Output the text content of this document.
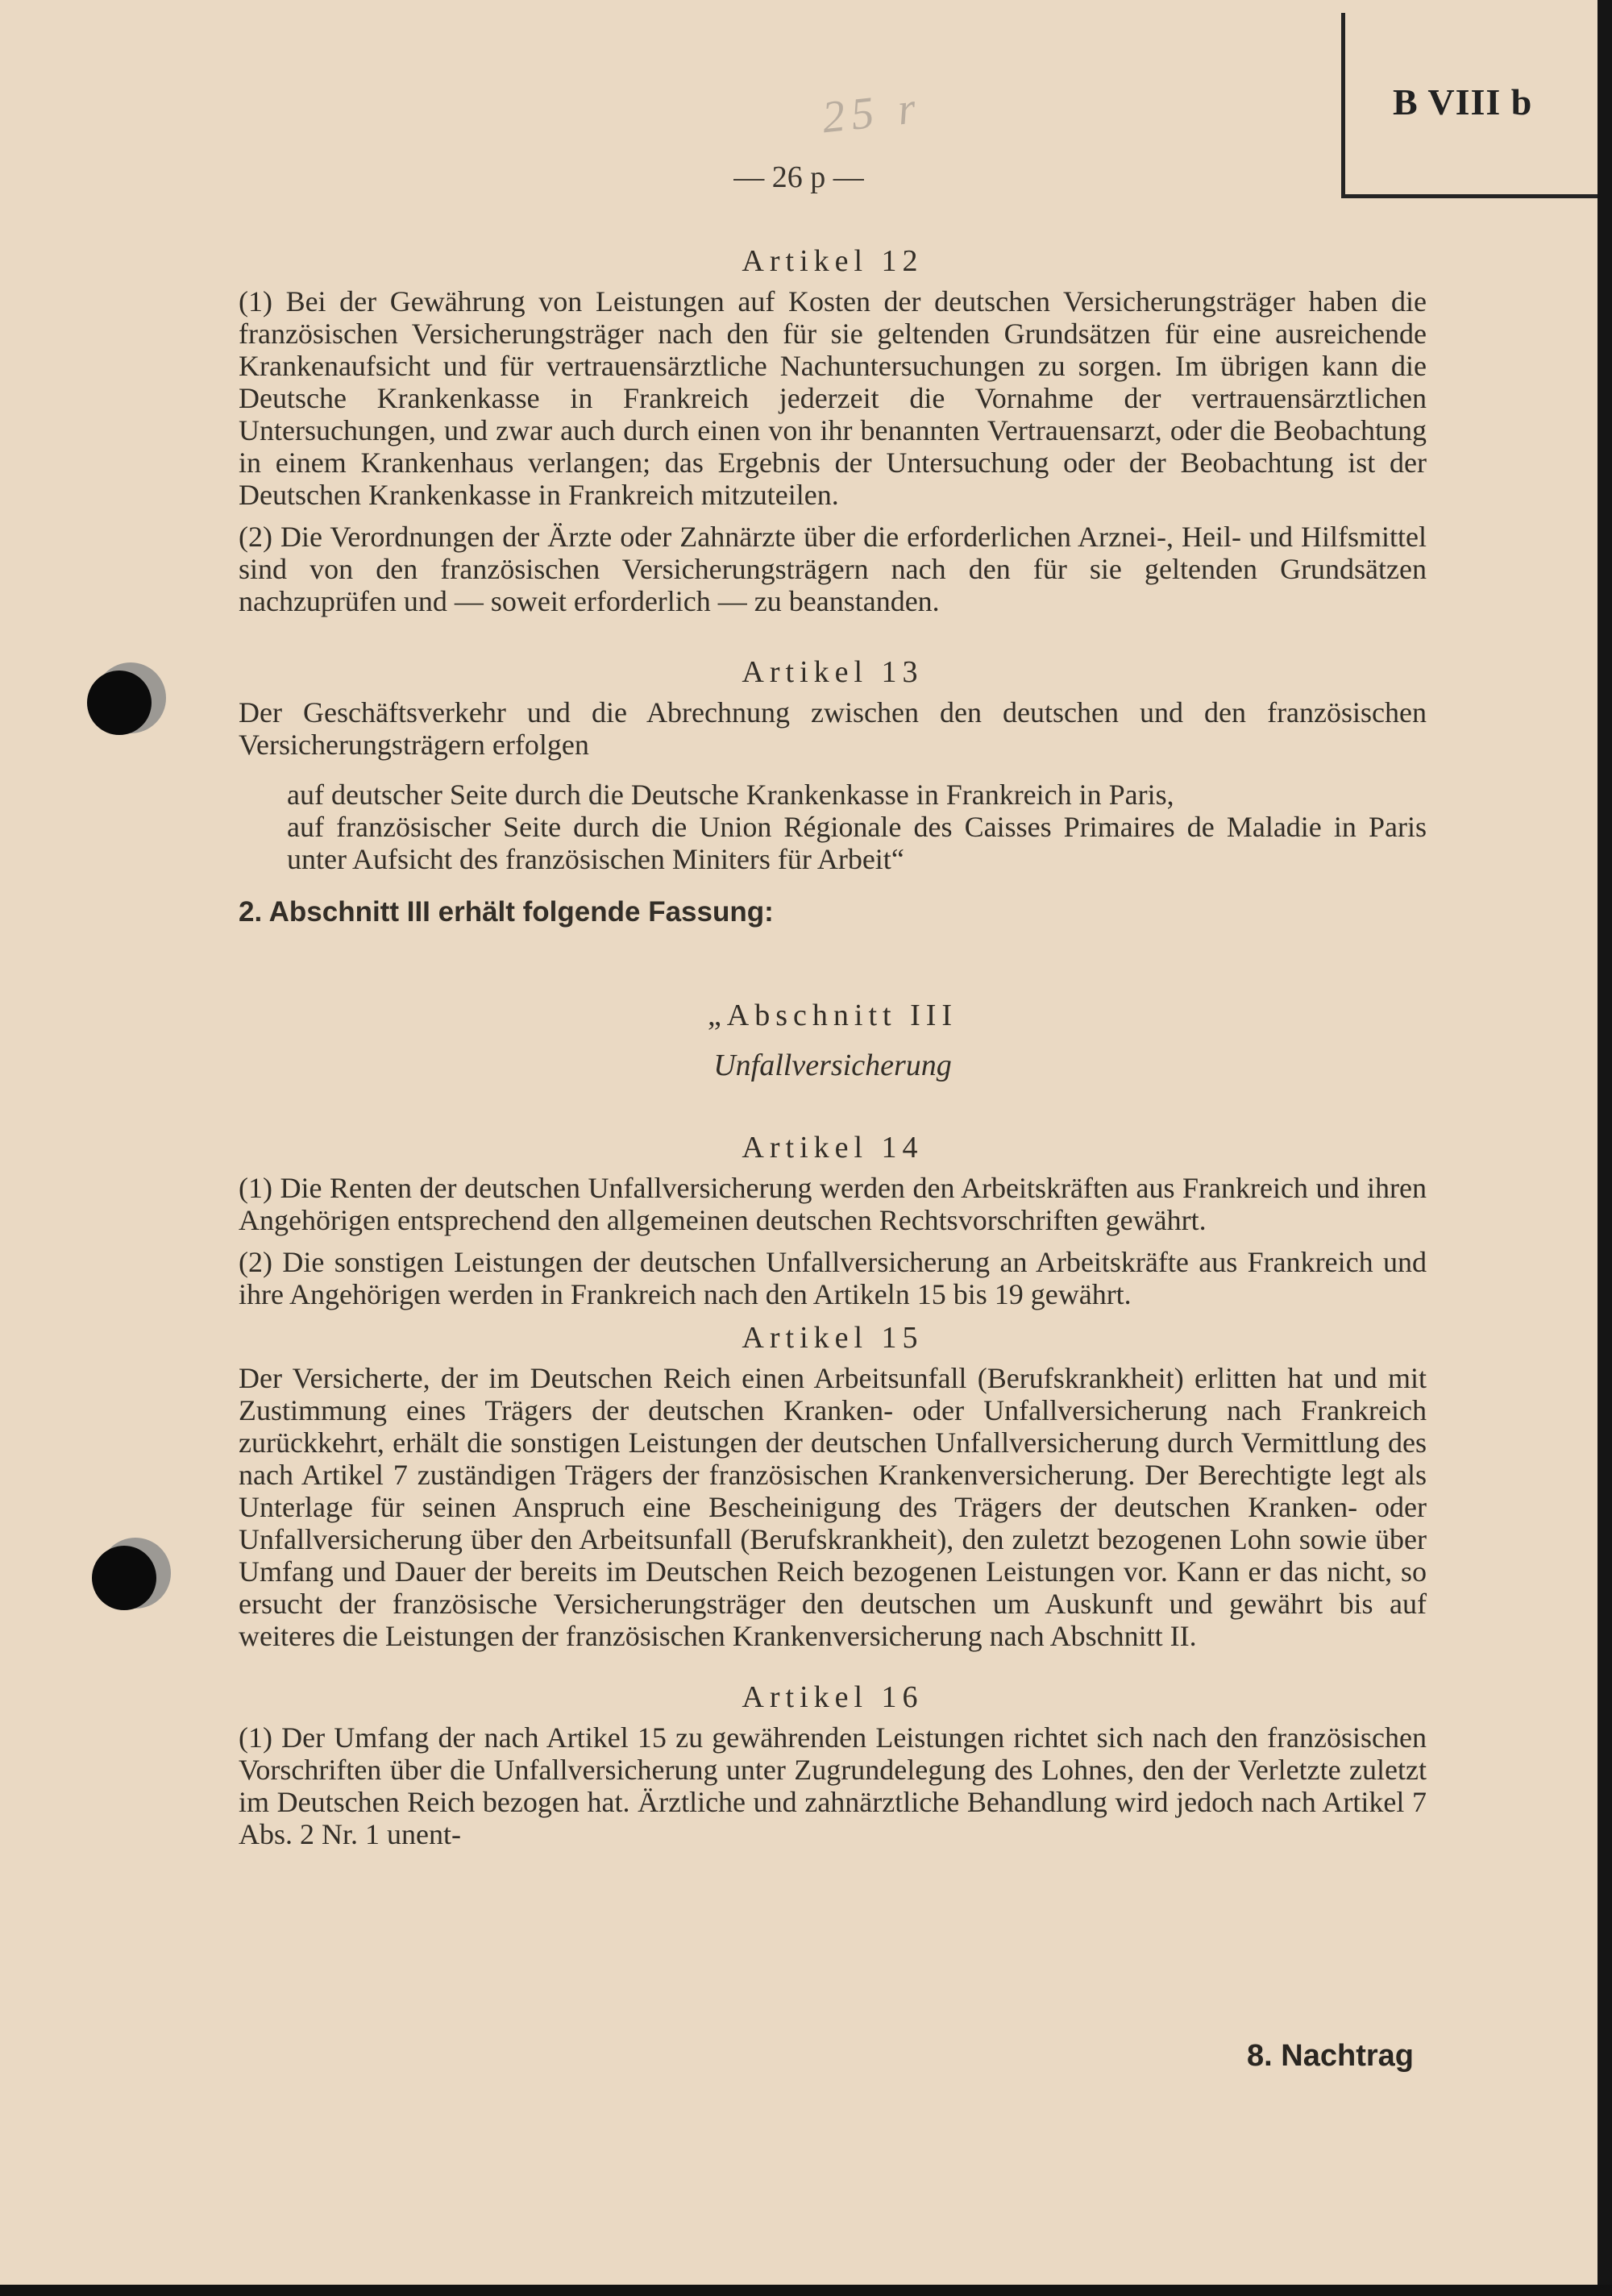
B VIII b
25 r
— 26 p —
Artikel 12

(1) Bei der Gewährung von Leistungen auf Kosten der deutschen Versicherungsträger haben die französischen Versicherungsträger nach den für sie geltenden Grundsätzen für eine ausreichende Krankenaufsicht und für vertrauensärztliche Nachuntersuchungen zu sorgen. Im übrigen kann die Deutsche Krankenkasse in Frankreich jederzeit die Vornahme der vertrauensärztlichen Untersuchungen, und zwar auch durch einen von ihr benannten Vertrauensarzt, oder die Beobachtung in einem Krankenhaus verlangen; das Ergebnis der Untersuchung oder der Beobachtung ist der Deutschen Krankenkasse in Frankreich mitzuteilen.

(2) Die Verordnungen der Ärzte oder Zahnärzte über die erforderlichen Arznei-, Heil- und Hilfsmittel sind von den französischen Versicherungsträgern nach den für sie geltenden Grundsätzen nachzuprüfen und — soweit erforderlich — zu beanstanden.

Artikel 13

Der Geschäftsverkehr und die Abrechnung zwischen den deutschen und den französischen Versicherungsträgern erfolgen

auf deutscher Seite durch die Deutsche Krankenkasse in Frankreich in Paris,

auf französischer Seite durch die Union Régionale des Caisses Primaires de Maladie in Paris unter Aufsicht des französischen Miniters für Arbeit“

2. Abschnitt III erhält folgende Fassung:
„Abschnitt III
Unfallversicherung
Artikel 14

(1) Die Renten der deutschen Unfallversicherung werden den Arbeitskräften aus Frankreich und ihren Angehörigen entsprechend den allgemeinen deutschen Rechtsvorschriften gewährt.

(2) Die sonstigen Leistungen der deutschen Unfallversicherung an Arbeitskräfte aus Frankreich und ihre Angehörigen werden in Frankreich nach den Artikeln 15 bis 19 gewährt.

Artikel 15

Der Versicherte, der im Deutschen Reich einen Arbeitsunfall (Berufskrankheit) erlitten hat und mit Zustimmung eines Trägers der deutschen Kranken- oder Unfallversicherung nach Frankreich zurückkehrt, erhält die sonstigen Leistungen der deutschen Unfallversicherung durch Vermittlung des nach Artikel 7 zuständigen Trägers der französischen Krankenversicherung. Der Berechtigte legt als Unterlage für seinen Anspruch eine Bescheinigung des Trägers der deutschen Kranken- oder Unfallversicherung über den Arbeitsunfall (Berufskrankheit), den zuletzt bezogenen Lohn sowie über Umfang und Dauer der bereits im Deutschen Reich bezogenen Leistungen vor. Kann er das nicht, so ersucht der französische Versicherungsträger den deutschen um Auskunft und gewährt bis auf weiteres die Leistungen der französischen Krankenversicherung nach Abschnitt II.

Artikel 16

(1) Der Umfang der nach Artikel 15 zu gewährenden Leistungen richtet sich nach den französischen Vorschriften über die Unfallversicherung unter Zugrundelegung des Lohnes, den der Verletzte zuletzt im Deutschen Reich bezogen hat. Ärztliche und zahnärztliche Behandlung wird jedoch nach Artikel 7 Abs. 2 Nr. 1 unent-

8. Nachtrag
